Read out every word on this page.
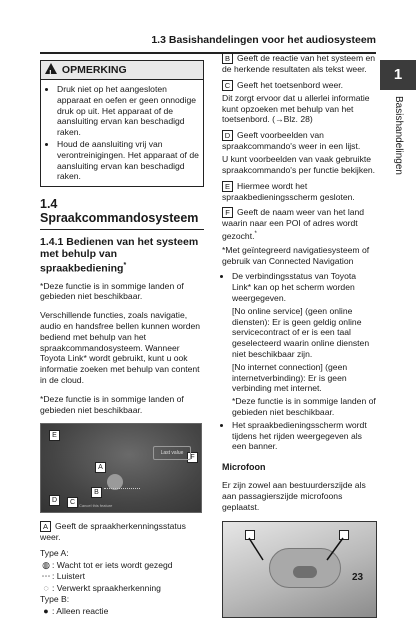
1.3 Basishandelingen voor het audiosysteem
1
Basishandelingen
! OPMERKING
• Druk niet op het aangesloten apparaat en oefen er geen onnodige druk op uit. Het apparaat of de aansluiting ervan kan beschadigd raken.
• Houd de aansluiting vrij van verontreinigingen. Het apparaat of de aansluiting ervan kan beschadigd raken.
1.4 Spraakcommandosysteem
1.4.1 Bedienen van het systeem met behulp van spraakbediening*

*Deze functie is in sommige landen of gebieden niet beschikbaar.

Verschillende functies, zoals navigatie, audio en handsfree bellen kunnen worden bediend met behulp van het spraakcommandosysteem. Wanneer Toyota Link* wordt gebruikt, kunt u ook informatie zoeken met behulp van content in de cloud.

*Deze functie is in sommige landen of gebieden niet beschikbaar.

E
F
Last value
A
B
D	C Cancel this feature
A Geeft de spraakherkenningsstatus weer.
Type A:
◍ : Wacht tot er iets wordt gezegd
⋯ : Luistert
◌ : Verwerkt spraakherkenning
Type B:
● : Alleen reactie
B Geeft de reactie van het systeem en de herkende resultaten als tekst weer.
C Geeft het toetsenbord weer.

Dit zorgt ervoor dat u allerlei informatie kunt opzoeken met behulp van het toetsenbord. (→Blz. 28)

D Geeft voorbeelden van spraakcommando's weer in een lijst.

U kunt voorbeelden van vaak gebruikte spraakcommando's per functie bekijken.

E Hiermee wordt het spraakbedieningsscherm gesloten.
F Geeft de naam weer van het land waarin naar een POI of adres wordt gezocht.*

*Met geïntegreerd navigatiesysteem of gebruik van Connected Navigation

• De verbindingsstatus van Toyota Link* kan op het scherm worden weergegeven.
[No online service] (geen online diensten): Er is geen geldig online servicecontract of er is een taal geselecteerd waarin online diensten niet beschikbaar zijn.
[No internet connection] (geen internetverbinding): Er is geen verbinding met internet.
*Deze functie is in sommige landen of gebieden niet beschikbaar.
• Het spraakbedieningsscherm wordt tijdens het rijden weergegeven als een banner.
Microfoon

Er zijn zowel aan bestuurderszijde als aan passagierszijde microfoons geplaatst.

23
